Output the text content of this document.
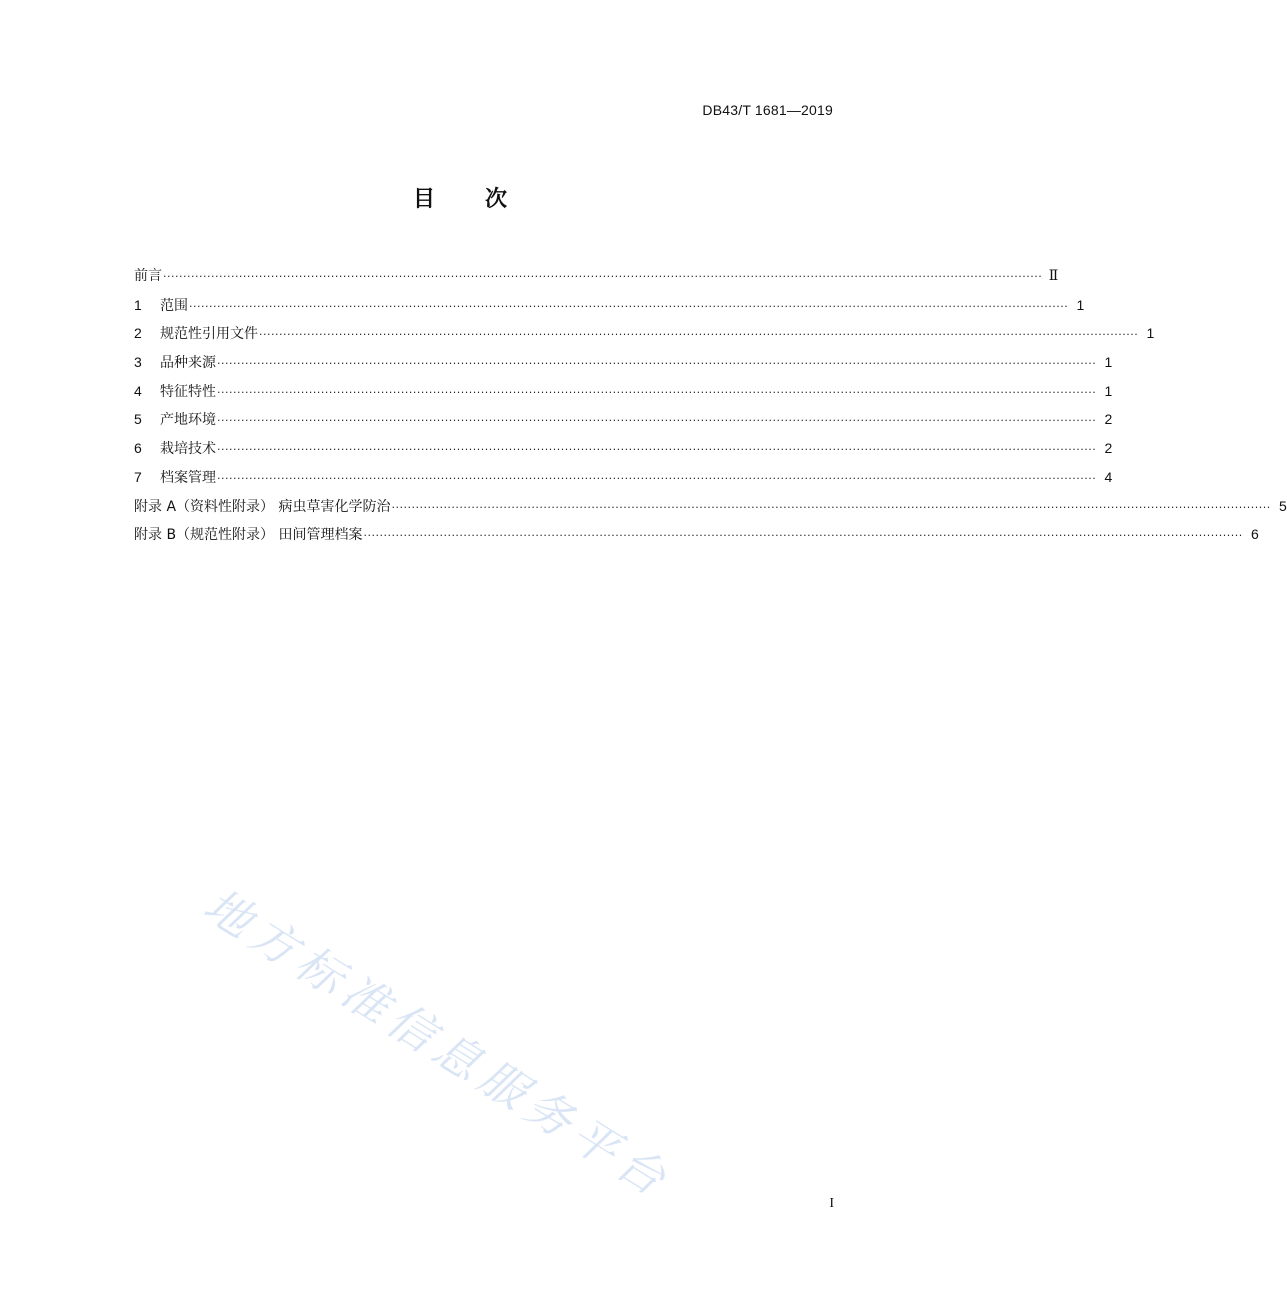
DB43/T 1681—2019
目 次
前言 ···························································································································································································································· Ⅱ
1 范围 ···························································································································································································································· 1
2 规范性引用文件 ···························································································································································································································· 1
3 品种来源 ···························································································································································································································· 1
4 特征特性 ···························································································································································································································· 1
5 产地环境 ···························································································································································································································· 2
6 栽培技术 ···························································································································································································································· 2
7 档案管理 ···························································································································································································································· 4
附录 A（资料性附录） 病虫草害化学防治 ···························································································································································································································· 5
附录 B（规范性附录） 田间管理档案 ···························································································································································································································· 6
地方标准信息服务平台	I
